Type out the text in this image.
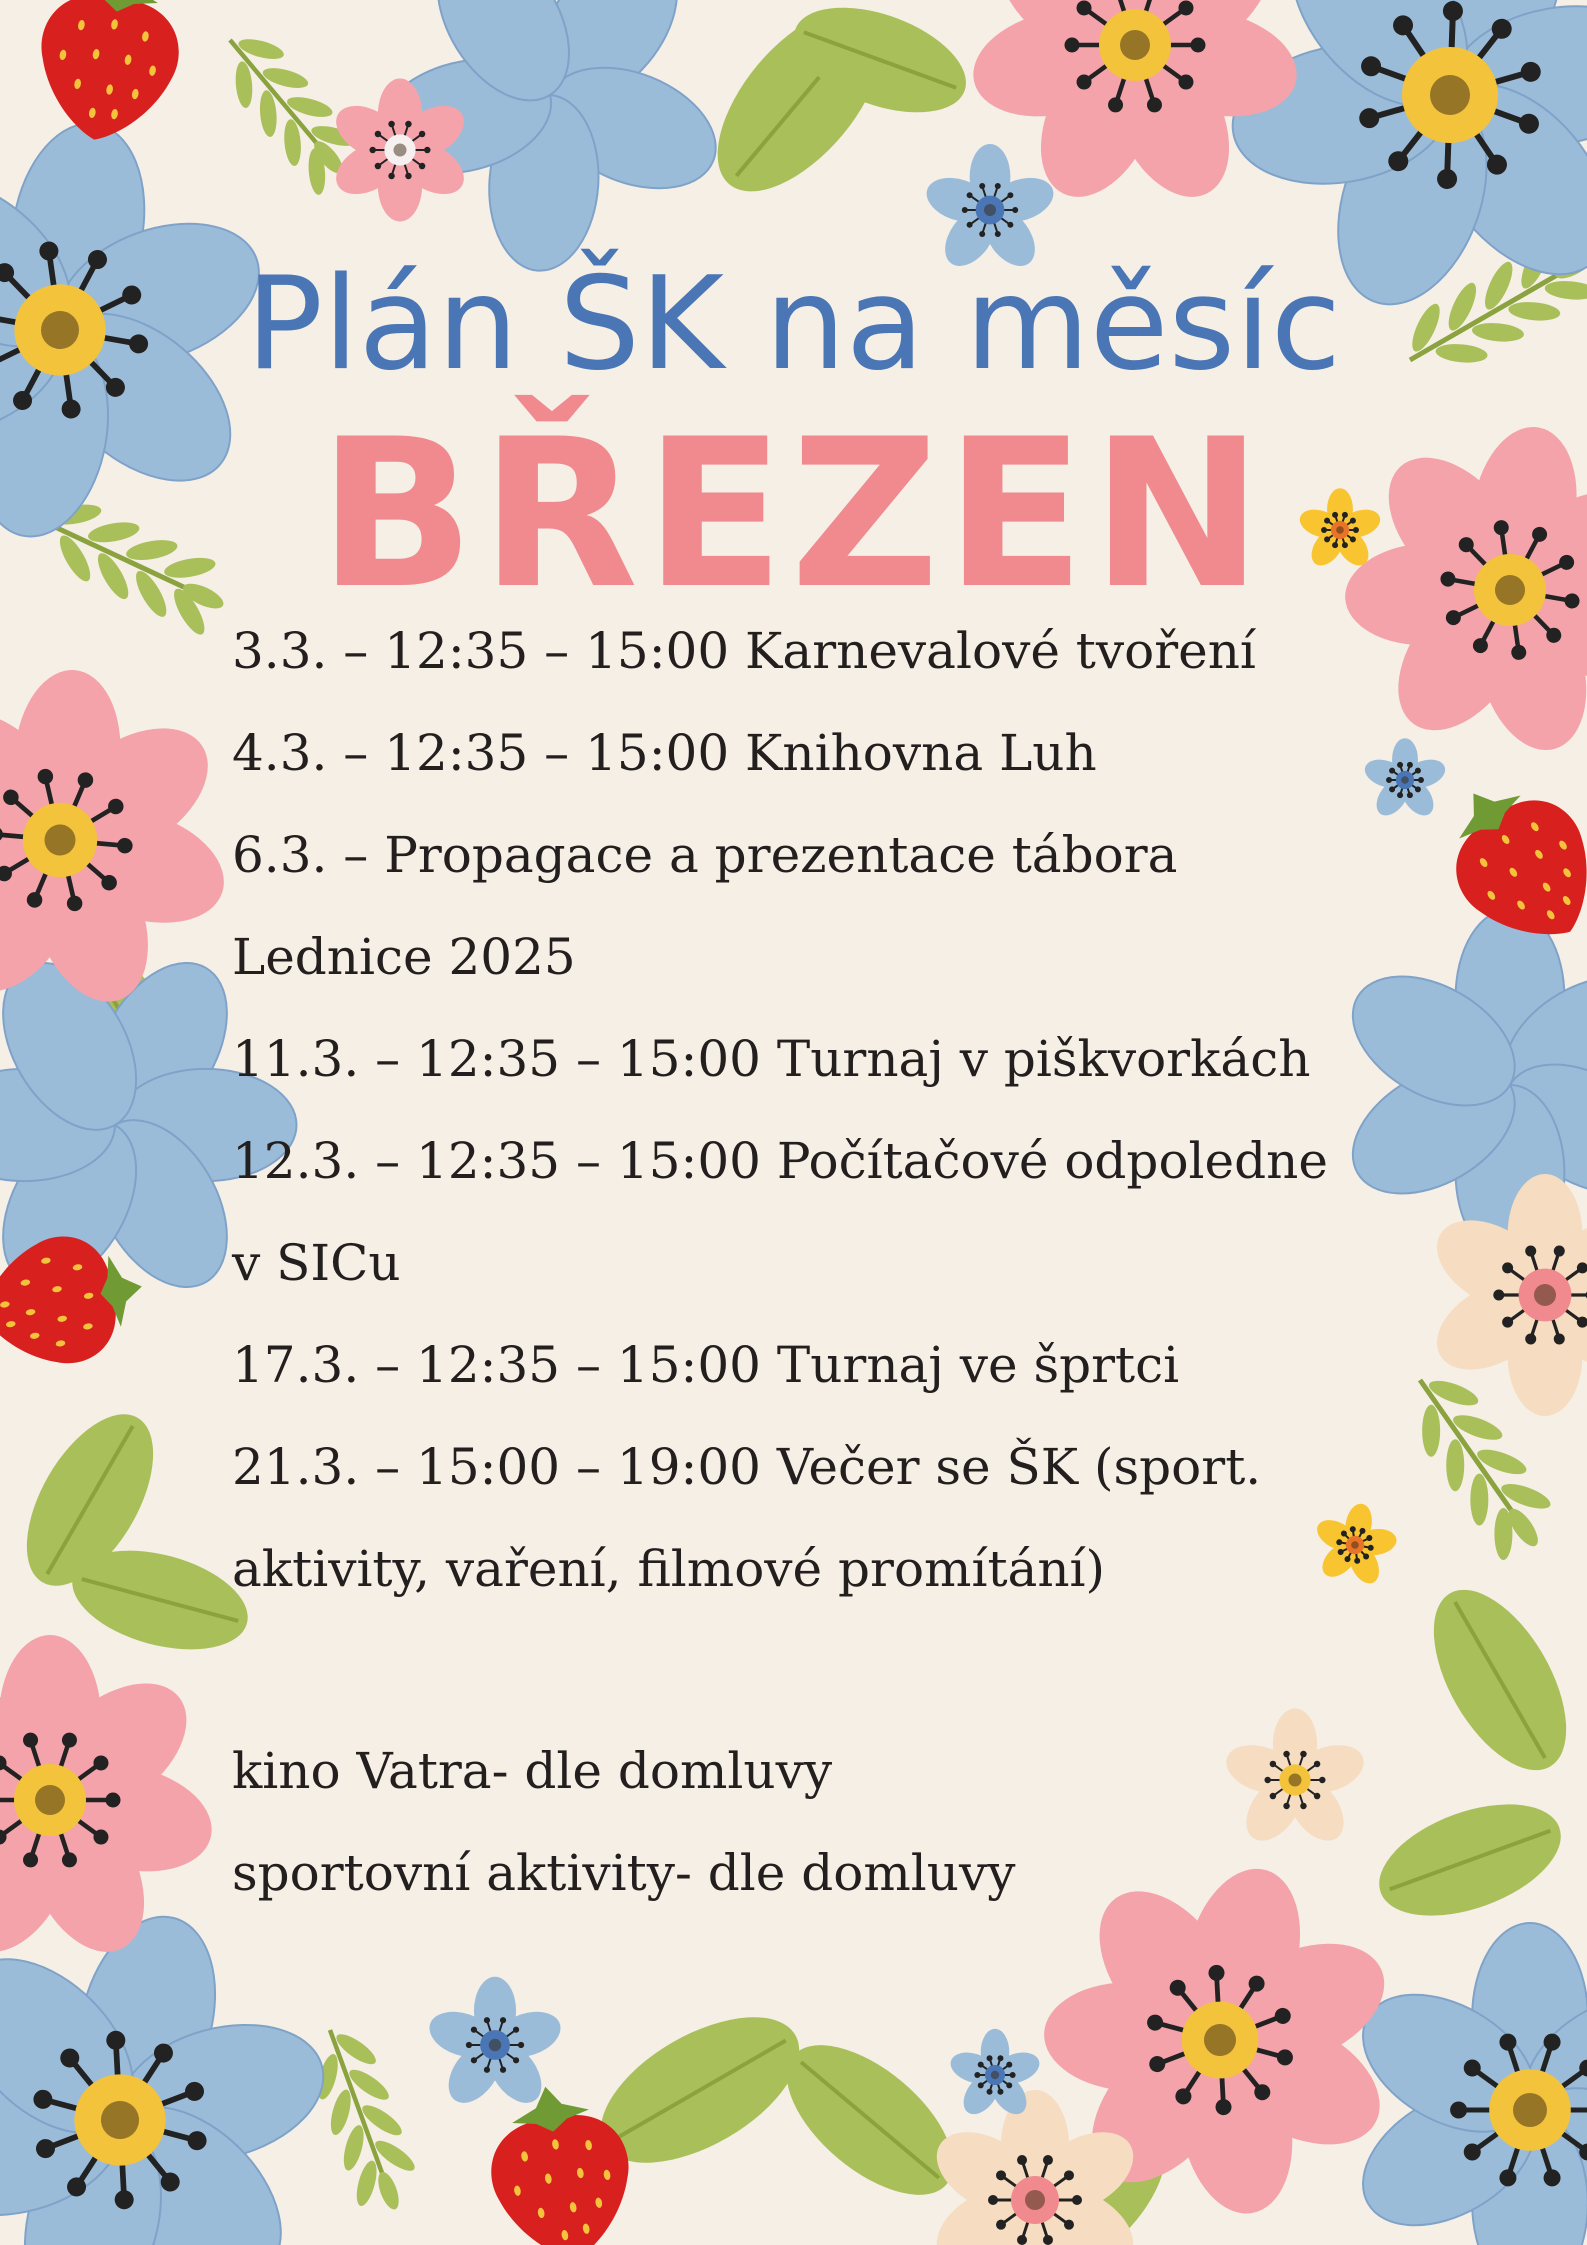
Plán ŠK na měsíc
BŘEZEN
3.3. – 12:35 – 15:00 Karnevalové tvoření
4.3. – 12:35 – 15:00 Knihovna Luh
6.3. – Propagace a prezentace tábora
Lednice 2025
11.3. – 12:35 – 15:00 Turnaj v piškvorkách
12.3. – 12:35 – 15:00 Počítačové odpoledne
v SICu
17.3. – 12:35 – 15:00 Turnaj ve šprtci
21.3. – 15:00 – 19:00 Večer se ŠK (sport.
aktivity, vaření, filmové promítání)
kino Vatra- dle domluvy
sportovní aktivity- dle domluvy
